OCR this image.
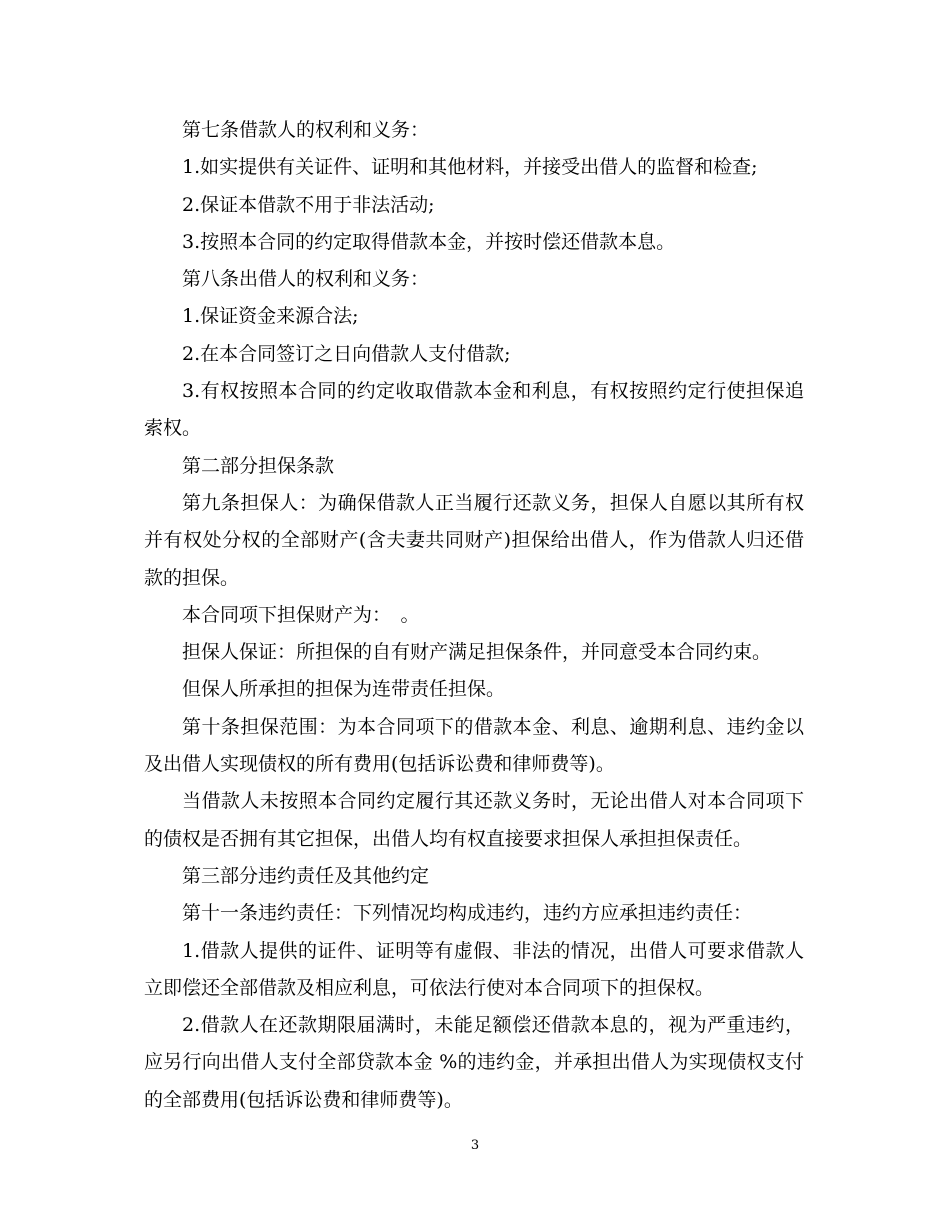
第七条借款人的权利和义务：

1.如实提供有关证件、证明和其他材料，并接受出借人的监督和检查;

2.保证本借款不用于非法活动;

3.按照本合同的约定取得借款本金，并按时偿还借款本息。

第八条出借人的权利和义务：

1.保证资金来源合法;

2.在本合同签订之日向借款人支付借款;

3.有权按照本合同的约定收取借款本金和利息，有权按照约定行使担保追索权。

第二部分担保条款

第九条担保人：为确保借款人正当履行还款义务，担保人自愿以其所有权并有权处分权的全部财产(含夫妻共同财产)担保给出借人，作为借款人归还借款的担保。

本合同项下担保财产为：　。

担保人保证：所担保的自有财产满足担保条件，并同意受本合同约束。

但保人所承担的担保为连带责任担保。

第十条担保范围：为本合同项下的借款本金、利息、逾期利息、违约金以及出借人实现债权的所有费用(包括诉讼费和律师费等)。

当借款人未按照本合同约定履行其还款义务时，无论出借人对本合同项下的债权是否拥有其它担保，出借人均有权直接要求担保人承担担保责任。

第三部分违约责任及其他约定

第十一条违约责任：下列情况均构成违约，违约方应承担违约责任：

1.借款人提供的证件、证明等有虚假、非法的情况，出借人可要求借款人立即偿还全部借款及相应利息，可依法行使对本合同项下的担保权。

2.借款人在还款期限届满时，未能足额偿还借款本息的，视为严重违约，应另行向出借人支付全部贷款本金 %的违约金，并承担出借人为实现债权支付的全部费用(包括诉讼费和律师费等)。

3
